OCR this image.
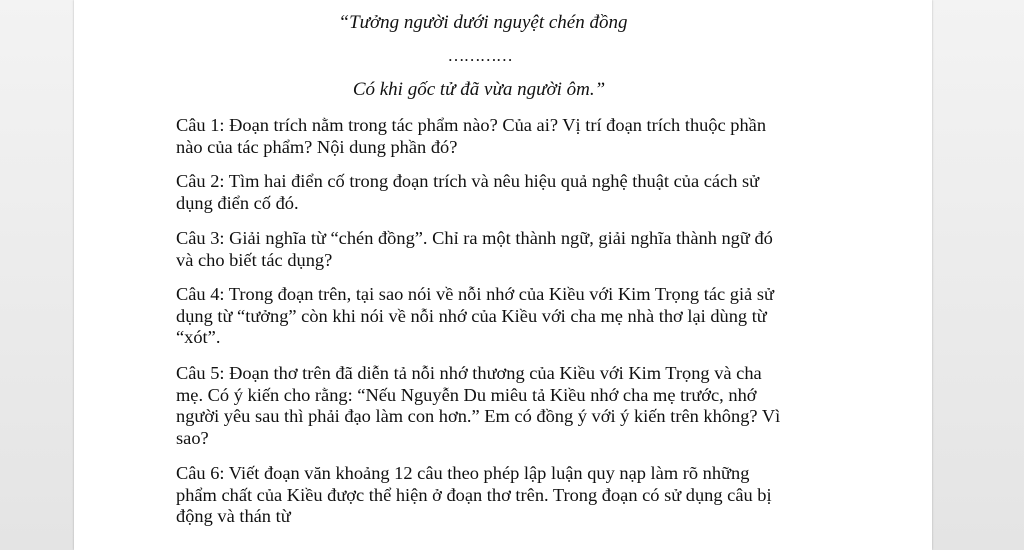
“Tưởng người dưới nguyệt chén đồng
…………
Có khi gốc tử đã vừa người ôm.”
Câu 1: Đoạn trích nằm trong tác phẩm nào? Của ai? Vị trí đoạn trích thuộc phần
nào của tác phẩm? Nội dung phần đó?
Câu 2: Tìm hai điển cố trong đoạn trích và nêu hiệu quả nghệ thuật của cách sử
dụng điển cố đó.
Câu 3: Giải nghĩa từ “chén đồng”. Chỉ ra một thành ngữ, giải nghĩa thành ngữ đó
và cho biết tác dụng?
Câu 4: Trong đoạn trên, tại sao nói về nỗi nhớ của Kiều với Kim Trọng tác giả sử
dụng từ “tưởng” còn khi nói về nỗi nhớ của Kiều với cha mẹ nhà thơ lại dùng từ
“xót”.
Câu 5: Đoạn thơ trên đã diễn tả nỗi nhớ thương của Kiều với Kim Trọng và cha
mẹ. Có ý kiến cho rằng: “Nếu Nguyễn Du miêu tả Kiều nhớ cha mẹ trước, nhớ
người yêu sau thì phải đạo làm con hơn.” Em có đồng ý với ý kiến trên không? Vì
sao?
Câu 6: Viết đoạn văn khoảng 12 câu theo phép lập luận quy nạp làm rõ những
phẩm chất của Kiều được thể hiện ở đoạn thơ trên. Trong đoạn có sử dụng câu bị
động và thán từ
